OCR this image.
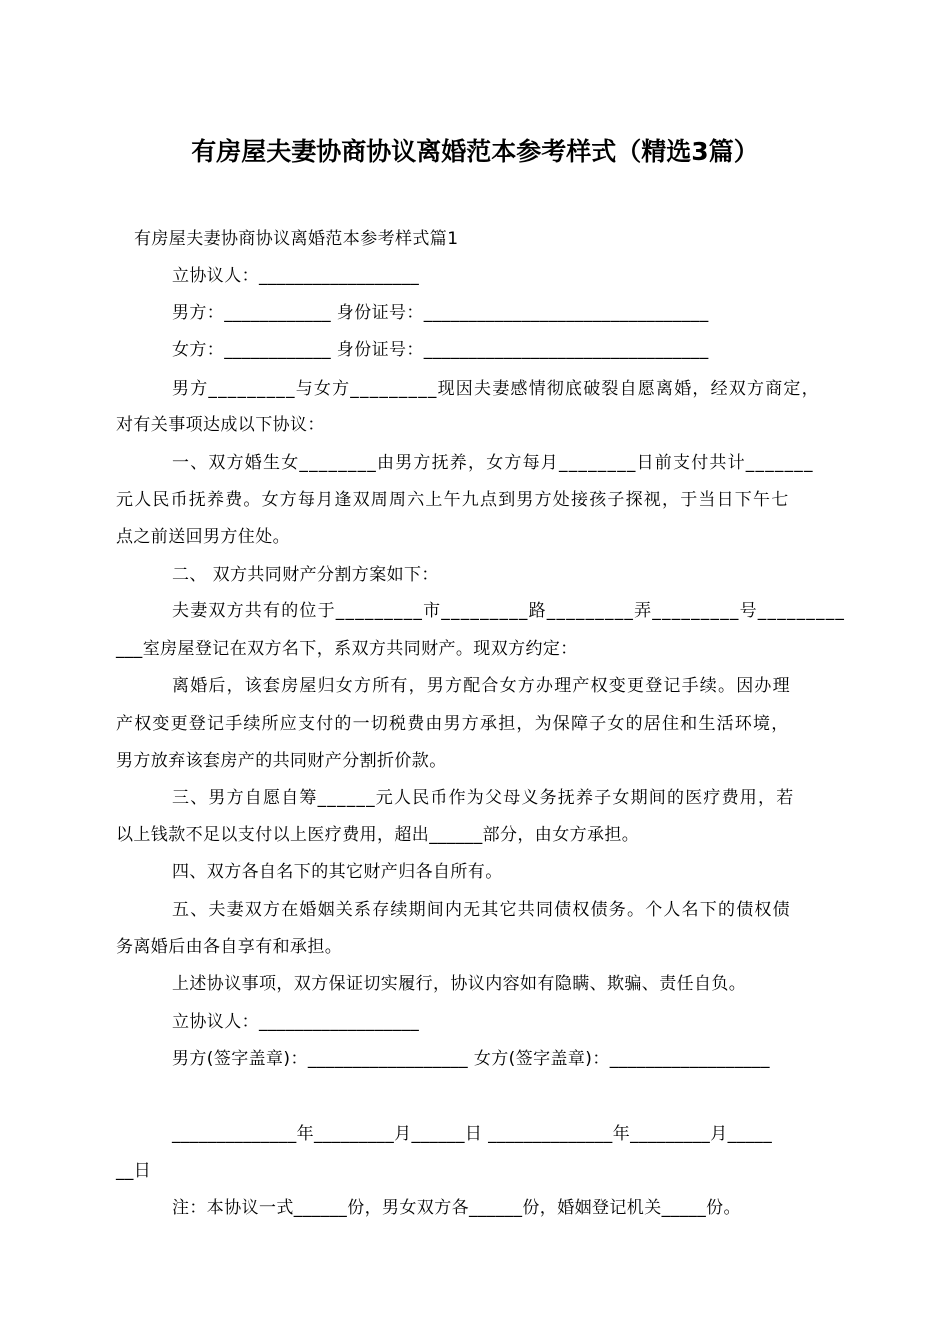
有房屋夫妻协商协议离婚范本参考样式（精选3篇）
有房屋夫妻协商协议离婚范本参考样式篇1
立协议人：__________________
男方：____________ 身份证号：________________________________
女方：____________ 身份证号：________________________________
男方_________与女方_________现因夫妻感情彻底破裂自愿离婚，经双方商定，
对有关事项达成以下协议：
一、双方婚生女________由男方抚养，女方每月________日前支付共计_______
元人民币抚养费。女方每月逢双周周六上午九点到男方处接孩子探视，于当日下午七
点之前送回男方住处。
二、 双方共同财产分割方案如下：
夫妻双方共有的位于_________市_________路_________弄_________号_________
___室房屋登记在双方名下，系双方共同财产。现双方约定：
离婚后，该套房屋归女方所有，男方配合女方办理产权变更登记手续。因办理
产权变更登记手续所应支付的一切税费由男方承担，为保障子女的居住和生活环境，
男方放弃该套房产的共同财产分割折价款。
三、男方自愿自筹______元人民币作为父母义务抚养子女期间的医疗费用，若
以上钱款不足以支付以上医疗费用，超出______部分，由女方承担。
四、双方各自名下的其它财产归各自所有。
五、夫妻双方在婚姻关系存续期间内无其它共同债权债务。个人名下的债权债
务离婚后由各自享有和承担。
上述协议事项，双方保证切实履行，协议内容如有隐瞒、欺骗、责任自负。
立协议人：__________________
男方(签字盖章)：__________________ 女方(签字盖章)：__________________
______________年_________月______日 ______________年_________月_____
__日
注：本协议一式______份，男女双方各______份，婚姻登记机关_____份。
